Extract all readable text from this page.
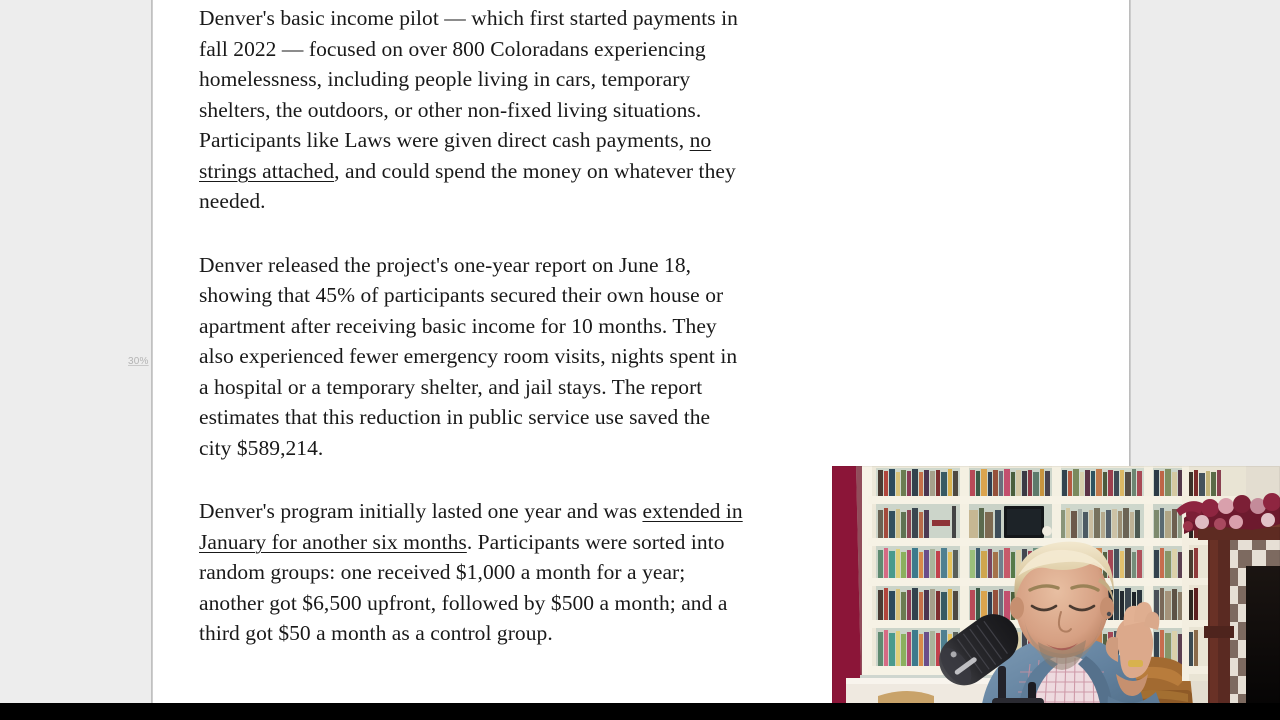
30%

Denver's basic income pilot — which first started payments in fall 2022 — focused on over 800 Coloradans experiencing homelessness, including people living in cars, temporary shelters, the outdoors, or other non-fixed living situations. Participants like Laws were given direct cash payments, no strings attached, and could spend the money on whatever they needed.

Denver released the project's one-year report on June 18, showing that 45% of participants secured their own house or apartment after receiving basic income for 10 months. They also experienced fewer emergency room visits, nights spent in a hospital or a temporary shelter, and jail stays. The report estimates that this reduction in public service use saved the city $589,214.

Denver's program initially lasted one year and was extended in January for another six months. Participants were sorted into random groups: one received $1,000 a month for a year; another got $6,500 upfront, followed by $500 a month; and a third got $50 a month as a control group.
